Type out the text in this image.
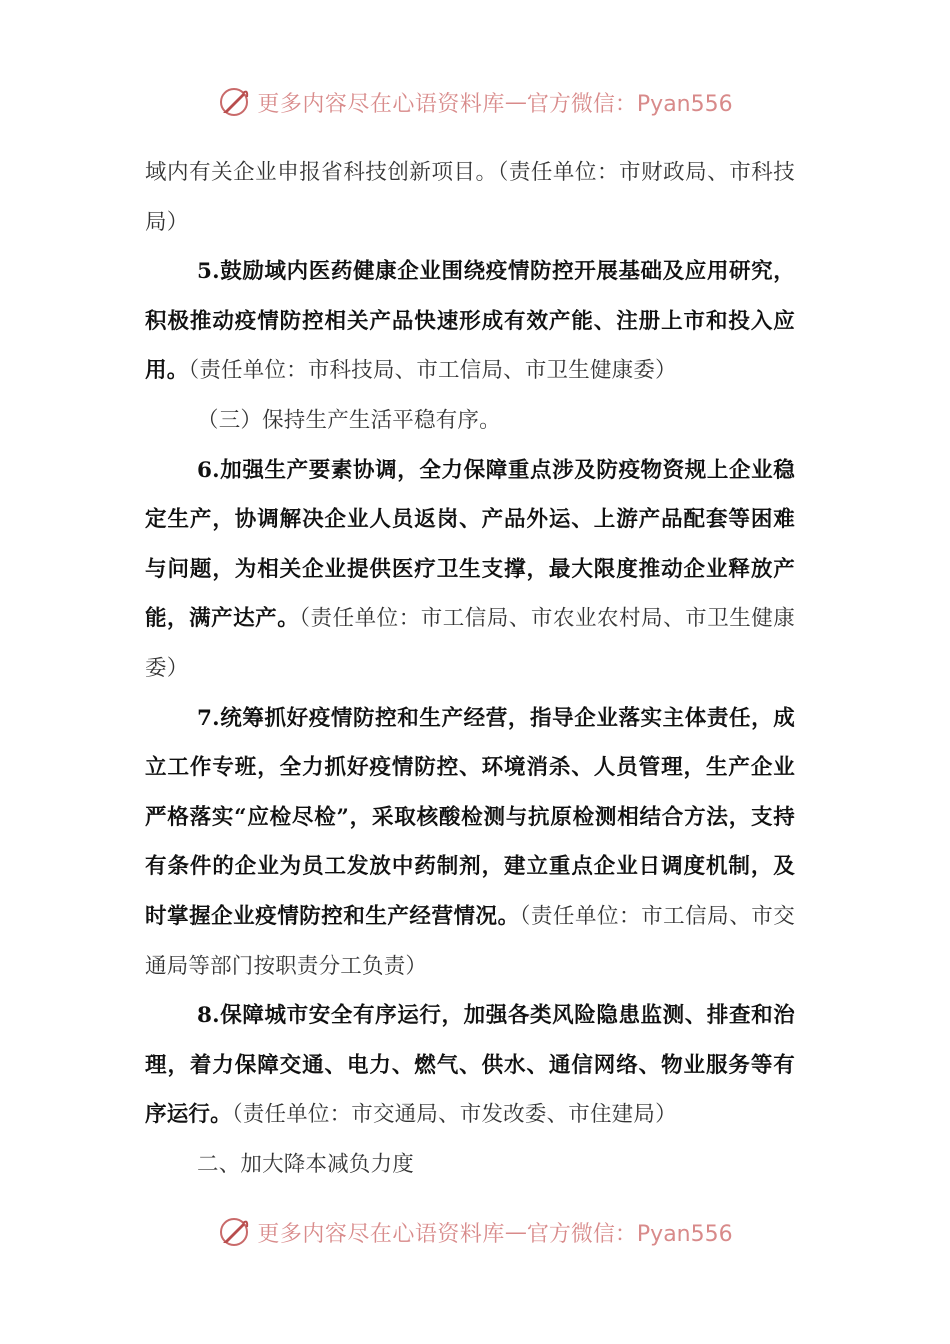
更多内容尽在心语资料库 — 官方微信：Pyan556

域内有关企业申报省科技创新项目。（责任单位：市财政局、市科技局）

5.鼓励域内医药健康企业围绕疫情防控开展基础及应用研究，积极推动疫情防控相关产品快速形成有效产能、注册上市和投入应用。（责任单位：市科技局、市工信局、市卫生健康委）

（三）保持生产生活平稳有序。

6.加强生产要素协调，全力保障重点涉及防疫物资规上企业稳定生产，协调解决企业人员返岗、产品外运、上游产品配套等困难与问题，为相关企业提供医疗卫生支撑，最大限度推动企业释放产能，满产达产。（责任单位：市工信局、市农业农村局、市卫生健康委）

7.统筹抓好疫情防控和生产经营，指导企业落实主体责任，成立工作专班，全力抓好疫情防控、环境消杀、人员管理，生产企业严格落实“应检尽检”，采取核酸检测与抗原检测相结合方法，支持有条件的企业为员工发放中药制剂，建立重点企业日调度机制，及时掌握企业疫情防控和生产经营情况。（责任单位：市工信局、市交通局等部门按职责分工负责）

8.保障城市安全有序运行，加强各类风险隐患监测、排查和治理，着力保障交通、电力、燃气、供水、通信网络、物业服务等有序运行。（责任单位：市交通局、市发改委、市住建局）

二、加大降本减负力度

更多内容尽在心语资料库 — 官方微信：Pyan556
